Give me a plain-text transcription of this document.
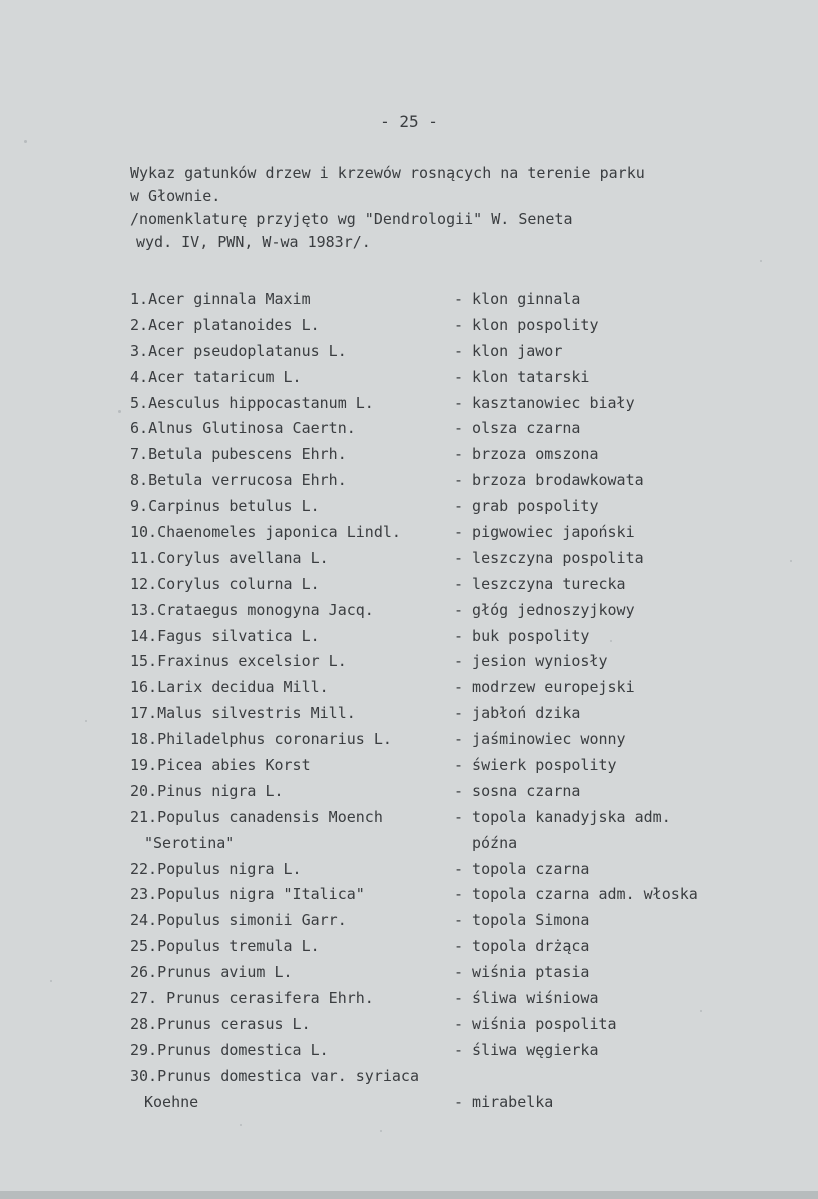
- 25 -
Wykaz gatunków drzew i krzewów rosnących na terenie parku
w Głownie.
/nomenklaturę przyjęto wg "Dendrologii" W. Seneta
wyd. IV, PWN, W-wa 1983r/.
1.Acer ginnala Maxim	- klon ginnala
2.Acer platanoides L.	- klon pospolity
3.Acer pseudoplatanus L.	- klon jawor
4.Acer tataricum L.	- klon tatarski
5.Aesculus hippocastanum L.	- kasztanowiec biały
6.Alnus Glutinosa Caertn.	- olsza czarna
7.Betula pubescens Ehrh.	- brzoza omszona
8.Betula verrucosa Ehrh.	- brzoza brodawkowata
9.Carpinus betulus L.	- grab pospolity
10.Chaenomeles japonica Lindl.	- pigwowiec japoński
11.Corylus avellana L.	- leszczyna pospolita
12.Corylus colurna L.	- leszczyna turecka
13.Crataegus monogyna Jacq.	- głóg jednoszyjkowy
14.Fagus silvatica L.	- buk pospolity
15.Fraxinus excelsior L.	- jesion wyniosły
16.Larix decidua Mill.	- modrzew europejski
17.Malus silvestris Mill.	- jabłoń dzika
18.Philadelphus coronarius L.	- jaśminowiec wonny
19.Picea abies Korst	- świerk pospolity
20.Pinus nigra L.	- sosna czarna
21.Populus canadensis Moench	- topola kanadyjska adm.
"Serotina"	późna
22.Populus nigra L.	- topola czarna
23.Populus nigra "Italica"	- topola czarna adm. włoska
24.Populus simonii Garr.	- topola Simona
25.Populus tremula L.	- topola drżąca
26.Prunus avium L.	- wiśnia ptasia
27. Prunus cerasifera Ehrh.	- śliwa wiśniowa
28.Prunus cerasus L.	- wiśnia pospolita
29.Prunus domestica L.	- śliwa węgierka
30.Prunus domestica var. syriaca
Koehne	- mirabelka
